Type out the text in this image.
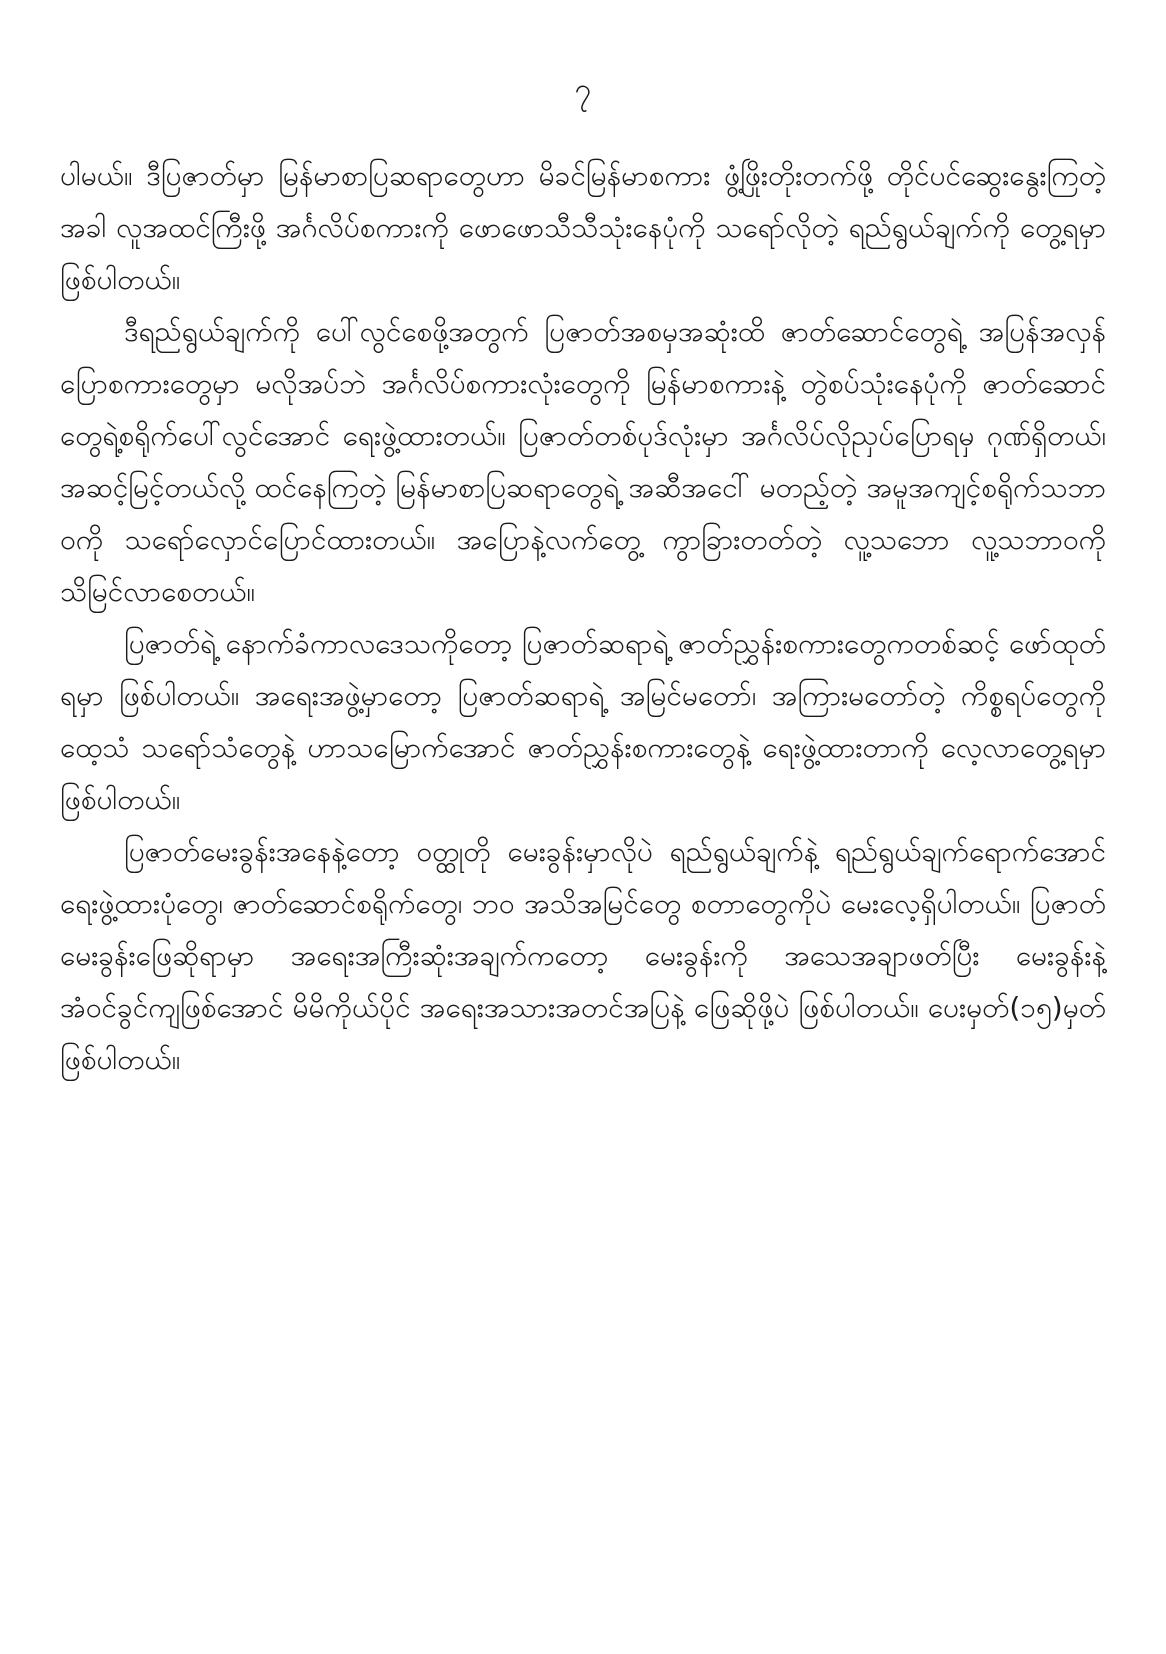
၇

ပါမယ်။ ဒီပြဇာတ်မှာ မြန်မာစာပြဆရာတွေဟာ မိခင်မြန်မာစကား ဖွံ့ဖြိုးတိုးတက်ဖို့ တိုင်ပင်ဆွေးနွေးကြတဲ့အခါ လူအထင်ကြီးဖို့ အင်္ဂလိပ်စကားကို ဖောဖောသီသီသုံးနေပုံကို သရော်လိုတဲ့ ရည်ရွယ်ချက်ကို တွေ့ရမှာ ဖြစ်ပါတယ်။

ဒီရည်ရွယ်ချက်ကို ပေါ်လွင်စေဖို့အတွက် ပြဇာတ်အစမှအဆုံးထိ ဇာတ်ဆောင်တွေရဲ့ အပြန်အလှန် ပြောစကားတွေမှာ မလိုအပ်ဘဲ အင်္ဂလိပ်စကားလုံးတွေကို မြန်မာစကားနဲ့ တွဲစပ်သုံးနေပုံကို ဇာတ်ဆောင်တွေရဲ့စရိုက်ပေါ်လွင်အောင် ရေးဖွဲ့ထားတယ်။ ပြဇာတ်တစ်ပုဒ်လုံးမှာ အင်္ဂလိပ်လိုညှပ်ပြောရမှ ဂုဏ်ရှိတယ်၊ အဆင့်မြင့်တယ်လို့ ထင်နေကြတဲ့ မြန်မာစာပြဆရာတွေရဲ့ အဆီအငေါ် မတည့်တဲ့ အမူအကျင့်စရိုက်သဘာဝကို သရော်လှောင်ပြောင်ထားတယ်။ အပြောနဲ့လက်တွေ့ ကွာခြားတတ်တဲ့ လူ့သဘော လူ့သဘာဝကို သိမြင်လာစေတယ်။

ပြဇာတ်ရဲ့ နောက်ခံကာလဒေသကိုတော့ ပြဇာတ်ဆရာရဲ့ ဇာတ်ညွှန်းစကားတွေကတစ်ဆင့် ဖော်ထုတ်ရမှာ ဖြစ်ပါတယ်။ အရေးအဖွဲ့မှာတော့ ပြဇာတ်ဆရာရဲ့ အမြင်မတော်၊ အကြားမတော်တဲ့ ကိစ္စရပ်တွေကို ထေ့သံ သရော်သံတွေနဲ့ ဟာသမြောက်အောင် ဇာတ်ညွှန်းစကားတွေနဲ့ ရေးဖွဲ့ထားတာကို လေ့လာတွေ့ရမှာ ဖြစ်ပါတယ်။

ပြဇာတ်မေးခွန်းအနေနဲ့တော့ ဝတ္ထုတို မေးခွန်းမှာလိုပဲ ရည်ရွယ်ချက်နဲ့ ရည်ရွယ်ချက်ရောက်အောင် ရေးဖွဲ့ထားပုံတွေ၊ ဇာတ်ဆောင်စရိုက်တွေ၊ ဘဝ အသိအမြင်တွေ စတာတွေကိုပဲ မေးလေ့ရှိပါတယ်။ ပြဇာတ်မေးခွန်းဖြေဆိုရာမှာ အရေးအကြီးဆုံးအချက်ကတော့ မေးခွန်းကို အသေအချာဖတ်ပြီး မေးခွန်းနဲ့ အံဝင်ခွင်ကျဖြစ်အောင် မိမိကိုယ်ပိုင် အရေးအသားအတင်အပြနဲ့ ဖြေဆိုဖို့ပဲ ဖြစ်ပါတယ်။ ပေးမှတ်(၁၅)မှတ် ဖြစ်ပါတယ်။
